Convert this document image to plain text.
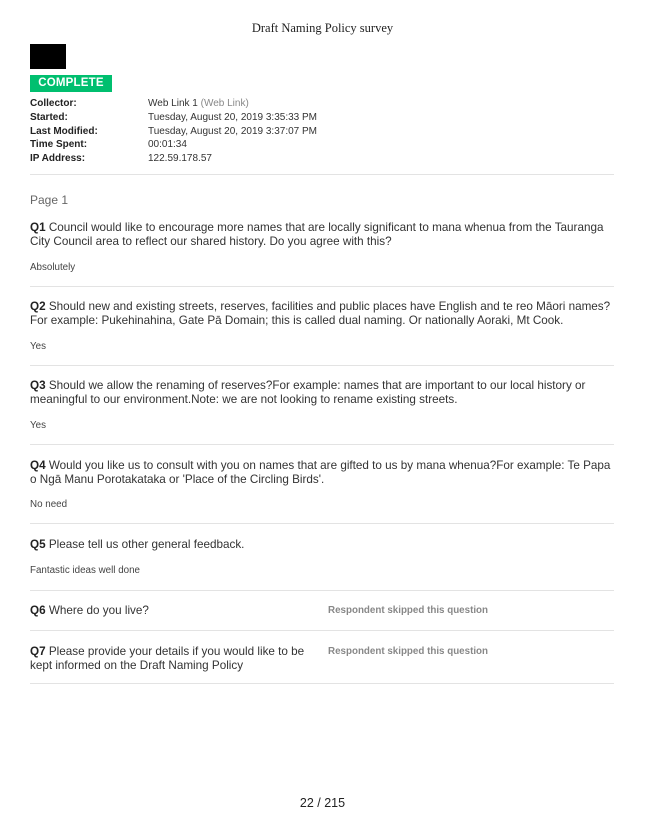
Draft Naming Policy survey
COMPLETE
Collector:	Web Link 1 (Web Link)
Started:	Tuesday, August 20, 2019 3:35:33 PM
Last Modified:	Tuesday, August 20, 2019 3:37:07 PM
Time Spent:	00:01:34
IP Address:	122.59.178.57
Page 1
Q1 Council would like to encourage more names that are locally significant to mana whenua from the Tauranga City Council area to reflect our shared history. Do you agree with this?
Absolutely
Q2 Should new and existing streets, reserves, facilities and public places have English and te reo Māori names?For example: Pukehinahina, Gate Pā Domain; this is called dual naming. Or nationally Aoraki, Mt Cook.
Yes
Q3 Should we allow the renaming of reserves?For example: names that are important to our local history or meaningful to our environment.Note: we are not looking to rename existing streets.
Yes
Q4 Would you like us to consult with you on names that are gifted to us by mana whenua?For example: Te Papa o Ngā Manu Porotakataka or 'Place of the Circling Birds'.
No need
Q5 Please tell us other general feedback.
Fantastic ideas well done
Q6 Where do you live?	Respondent skipped this question
Q7 Please provide your details if you would like to be kept informed on the Draft Naming Policy
Respondent skipped this question
22 / 215
